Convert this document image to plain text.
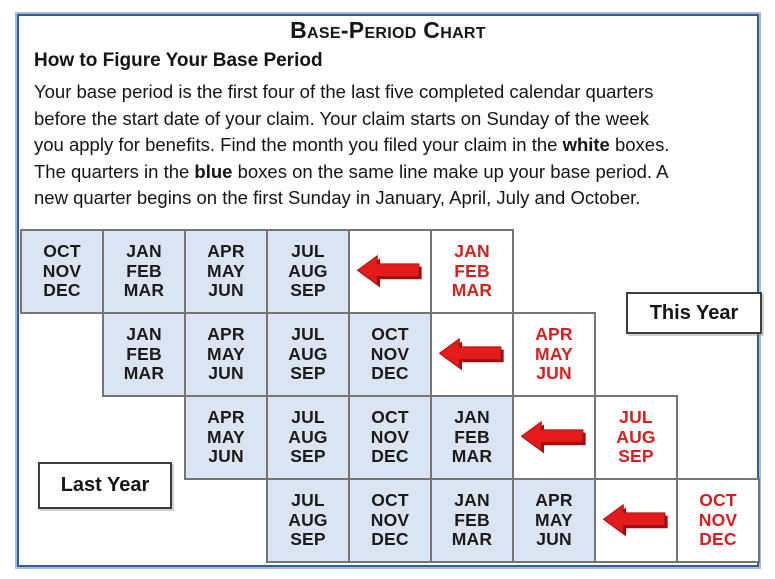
Base-Period Chart
How to Figure Your Base Period

Your base period is the first four of the last five completed calendar quarters
before the start date of your claim. Your claim starts on Sunday of the week
you apply for benefits. Find the month you filed your claim in the white boxes.
The quarters in the blue boxes on the same line make up your base period. A
new quarter begins on the first Sunday in January, April, July and October.

OCT
NOV
DEC
JAN
FEB
MAR
APR
MAY
JUN
JUL
AUG
SEP
JAN
FEB
MAR
JAN
FEB
MAR
APR
MAY
JUN
JUL
AUG
SEP
OCT
NOV
DEC
APR
MAY
JUN
APR
MAY
JUN
JUL
AUG
SEP
OCT
NOV
DEC
JAN
FEB
MAR
JUL
AUG
SEP
JUL
AUG
SEP
OCT
NOV
DEC
JAN
FEB
MAR
APR
MAY
JUN
OCT
NOV
DEC
This Year
Last Year
